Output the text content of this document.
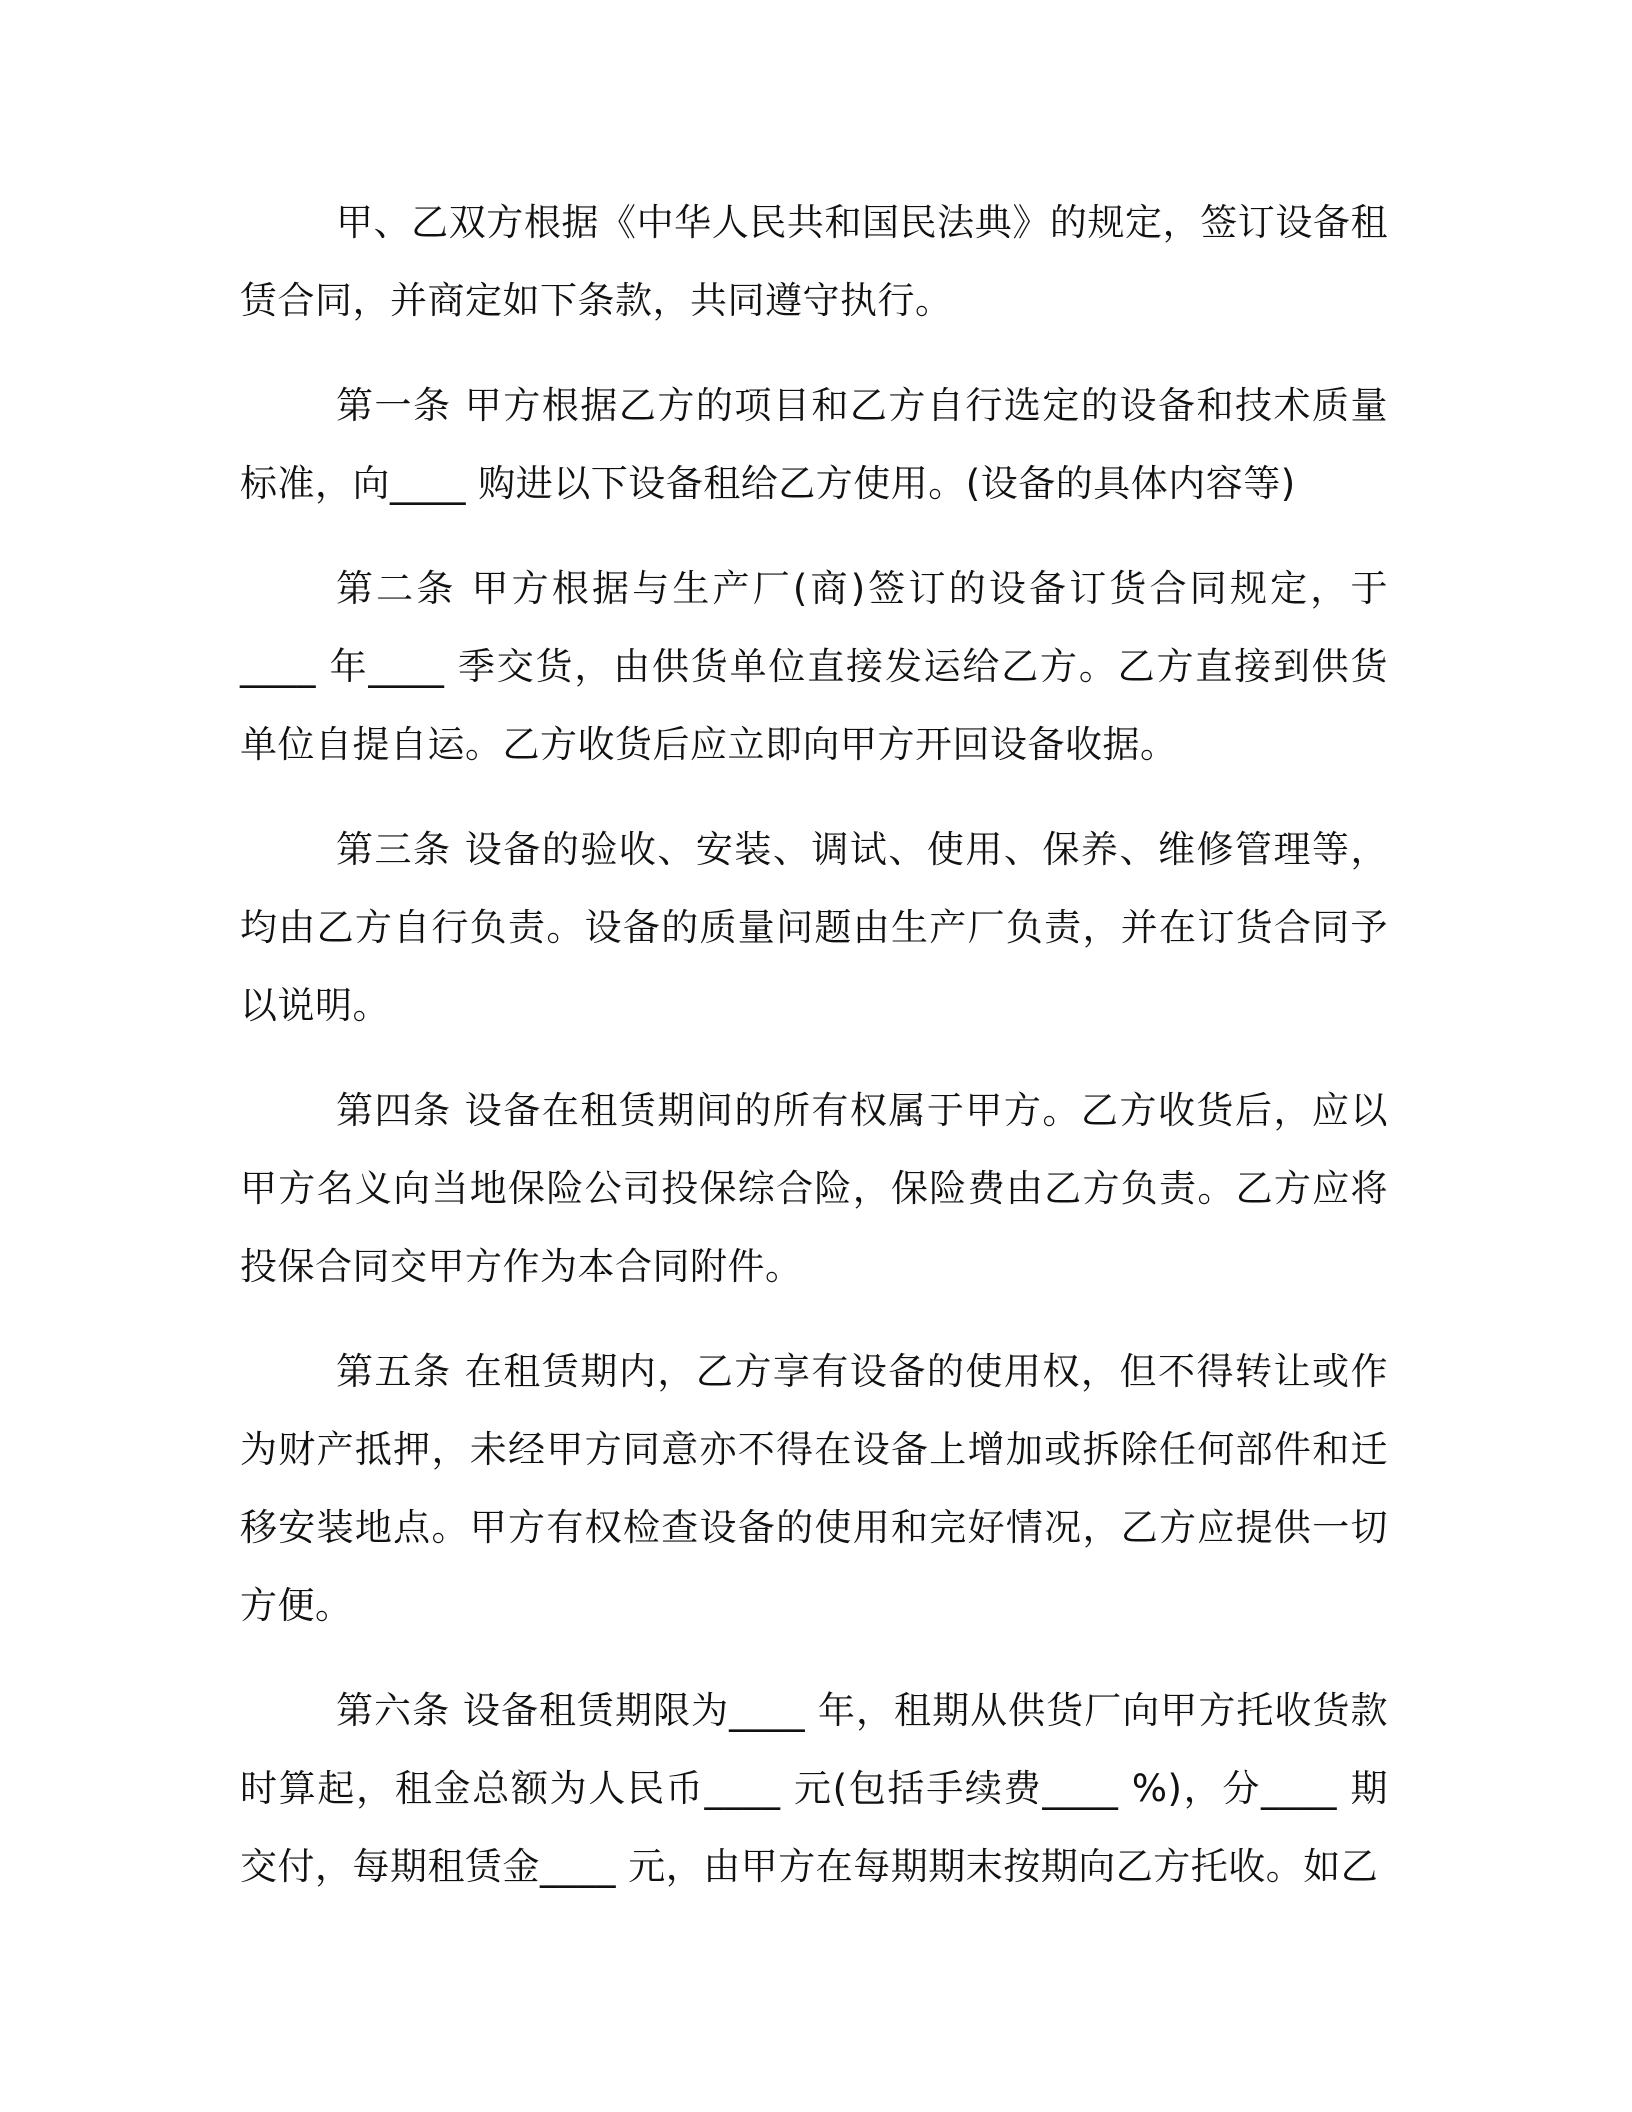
甲、乙双方根据《中华人民共和国民法典》的规定，签订设备租赁合同，并商定如下条款，共同遵守执行。

第一条 甲方根据乙方的项目和乙方自行选定的设备和技术质量标准，向____ 购进以下设备租给乙方使用。(设备的具体内容等)

第二条 甲方根据与生产厂(商)签订的设备订货合同规定，于____ 年____ 季交货，由供货单位直接发运给乙方。乙方直接到供货单位自提自运。乙方收货后应立即向甲方开回设备收据。

第三条 设备的验收、安装、调试、使用、保养、维修管理等，均由乙方自行负责。设备的质量问题由生产厂负责，并在订货合同予以说明。

第四条 设备在租赁期间的所有权属于甲方。乙方收货后，应以甲方名义向当地保险公司投保综合险，保险费由乙方负责。乙方应将投保合同交甲方作为本合同附件。

第五条 在租赁期内，乙方享有设备的使用权，但不得转让或作为财产抵押，未经甲方同意亦不得在设备上增加或拆除任何部件和迁移安装地点。甲方有权检查设备的使用和完好情况，乙方应提供一切方便。

第六条 设备租赁期限为____ 年，租期从供货厂向甲方托收货款时算起，租金总额为人民币____ 元(包括手续费____ %)，分____ 期交付，每期租赁金____ 元，由甲方在每期期末按期向乙方托收。如乙
